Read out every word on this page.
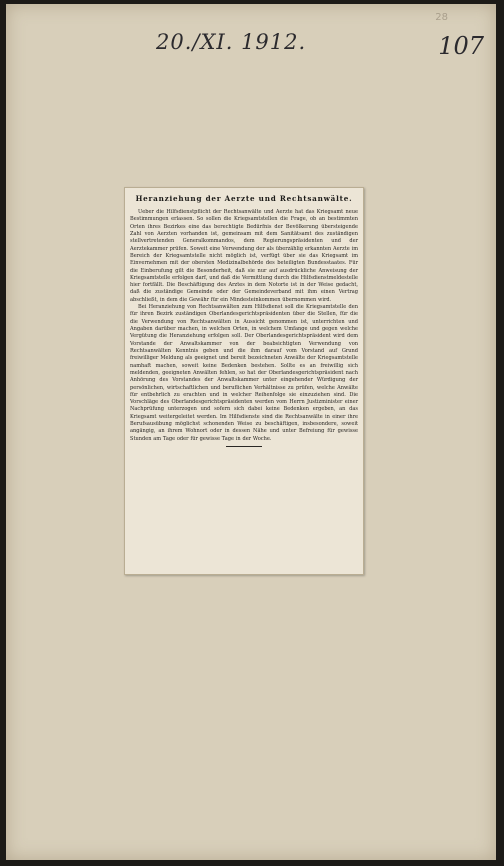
28
20./XI. 1912.	107
Heranziehung der Aerzte und Rechtsanwälte.

Ueber die Hilfsdienstpflicht der Rechtsanwälte und Aerzte hat das Kriegsamt neue Bestimmungen erlassen. So sollen die Kriegsamtstellen die Frage, ob an bestimmten Orten ihres Bezirkes eine das berechtigte Bedürfnis der Bevölkerung übersteigende Zahl von Aerzten vorhanden ist, gemeinsam mit dem Sanitätsamt des zuständigen stellvertretenden Generalkommandos, dem Regierungspräsidenten und der Aerztekammer prüfen. Soweit eine Verwendung der als überzählig erkannten Aerzte im Bereich der Kriegsamtstelle nicht möglich ist, verfügt über sie das Kriegsamt im Einvernehmen mit der obersten Medizinalbehörde des beteiligten Bundesstaates. Für die Einberufung gilt die Besonderheit, daß sie nur auf ausdrückliche Anweisung der Kriegsamtstelle erfolgen darf, und daß die Vermittlung durch die Hilfsdienstmeldestelle hier fortfällt. Die Beschäftigung des Arztes in dem Notorte ist in der Weise gedacht, daß die zuständige Gemeinde oder der Gemeindeverband mit ihm einen Vertrag abschließt, in dem die Gewähr für ein Mindesteinkommen übernommen wird.

Bei Heranziehung von Rechtsanwälten zum Hilfsdienst soll die Kriegsamtstelle den für ihren Bezirk zuständigen Oberlandesgerichtspräsidenten über die Stellen, für die die Verwendung von Rechtsanwälten in Aussicht genommen ist, unterrichten und Angaben darüber machen, in welchen Orten, in welchem Umfange und gegen welche Vergütung die Heranziehung erfolgen soll. Der Oberlandesgerichtspräsident wird dem Vorstande der Anwaltskammer von der beabsichtigten Verwendung von Rechtsanwälten Kenntnis geben und die ihm darauf vom Vorstand auf Grund freiwilliger Meldung als geeignet und bereit bezeichneten Anwälte der Kriegsamtstelle namhaft machen, soweit keine Bedenken bestehen. Sollte es an freiwillig sich meldenden, geeigneten Anwälten fehlen, so hat der Oberlandesgerichtspräsident nach Anhörung des Vorstandes der Anwaltskammer unter eingehender Würdigung der persönlichen, wirtschaftlichen und beruflichen Verhältnisse zu prüfen, welche Anwälte für entbehrlich zu erachten und in welcher Reihenfolge sie einzuziehen sind. Die Vorschläge des Oberlandesgerichtspräsidenten werden vom Herrn Justizminister einer Nachprüfung unterzogen und sofern sich dabei keine Bedenken ergeben, an das Kriegsamt weitergeleitet werden. Im Hilfsdienste sind die Rechtsanwälte in einer ihre Berufsausübung möglichst schonenden Weise zu beschäftigen, insbesondere, soweit angängig, an ihrem Wohnort oder in dessen Nähe und unter Befreiung für gewisse Stunden am Tage oder für gewisse Tage in der Woche.
